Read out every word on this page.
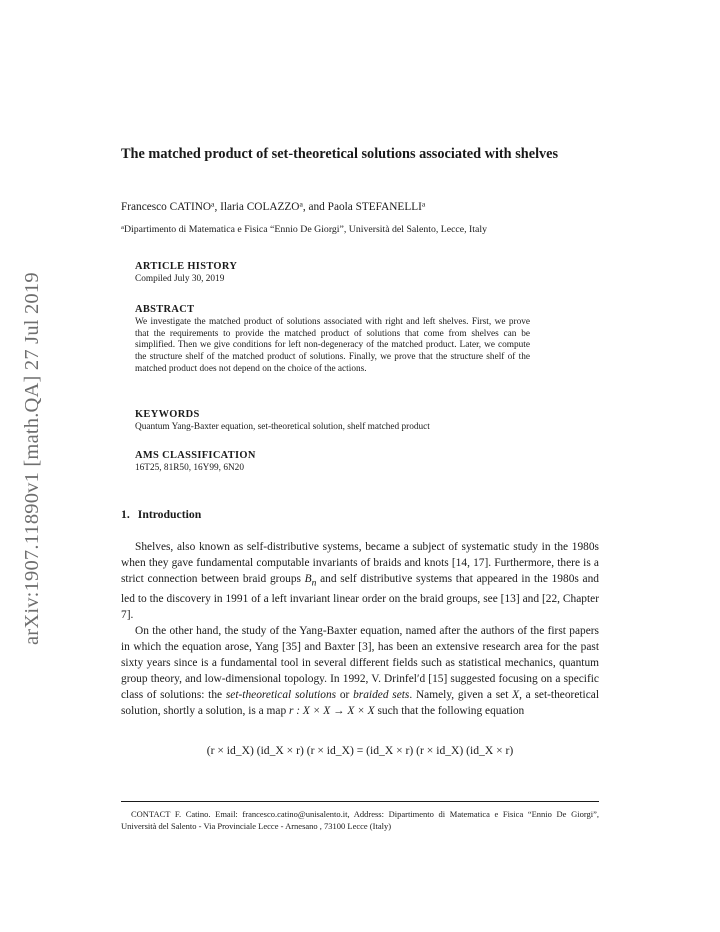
arXiv:1907.11890v1 [math.QA] 27 Jul 2019
The matched product of set-theoretical solutions associated with shelves
Francesco CATINO$^a$, Ilaria COLAZZO$^a$, and Paola STEFANELLI$^a$
$^a$Dipartimento di Matematica e Fisica “Ennio De Giorgi”, Università del Salento, Lecce, Italy
ARTICLE HISTORY
Compiled July 30, 2019
ABSTRACT
We investigate the matched product of solutions associated with right and left shelves. First, we prove that the requirements to provide the matched product of solutions that come from shelves can be simplified. Then we give conditions for left non-degeneracy of the matched product. Later, we compute the structure shelf of the matched product of solutions. Finally, we prove that the structure shelf of the matched product does not depend on the choice of the actions.
KEYWORDS
Quantum Yang-Baxter equation, set-theoretical solution, shelf matched product
AMS CLASSIFICATION
16T25, 81R50, 16Y99, 6N20
1. Introduction

Shelves, also known as self-distributive systems, became a subject of systematic study in the 1980s when they gave fundamental computable invariants of braids and knots [14, 17]. Furthermore, there is a strict connection between braid groups $B_n$ and self distributive systems that appeared in the 1980s and led to the discovery in 1991 of a left invariant linear order on the braid groups, see [13] and [22, Chapter 7].

On the other hand, the study of the Yang-Baxter equation, named after the authors of the first papers in which the equation arose, Yang [35] and Baxter [3], has been an extensive research area for the past sixty years since is a fundamental tool in several different fields such as statistical mechanics, quantum group theory, and low-dimensional topology. In 1992, V. Drinfel′d [15] suggested focusing on a specific class of solutions: the set-theoretical solutions or braided sets. Namely, given a set X, a set-theoretical solution, shortly a solution, is a map r : X × X → X × X such that the following equation

(r × id_X) (id_X × r) (r × id_X) = (id_X × r) (r × id_X) (id_X × r)
CONTACT F. Catino. Email: francesco.catino@unisalento.it, Address: Dipartimento di Matematica e Fisica “Ennio De Giorgi”, Università del Salento - Via Provinciale Lecce - Arnesano , 73100 Lecce (Italy)
